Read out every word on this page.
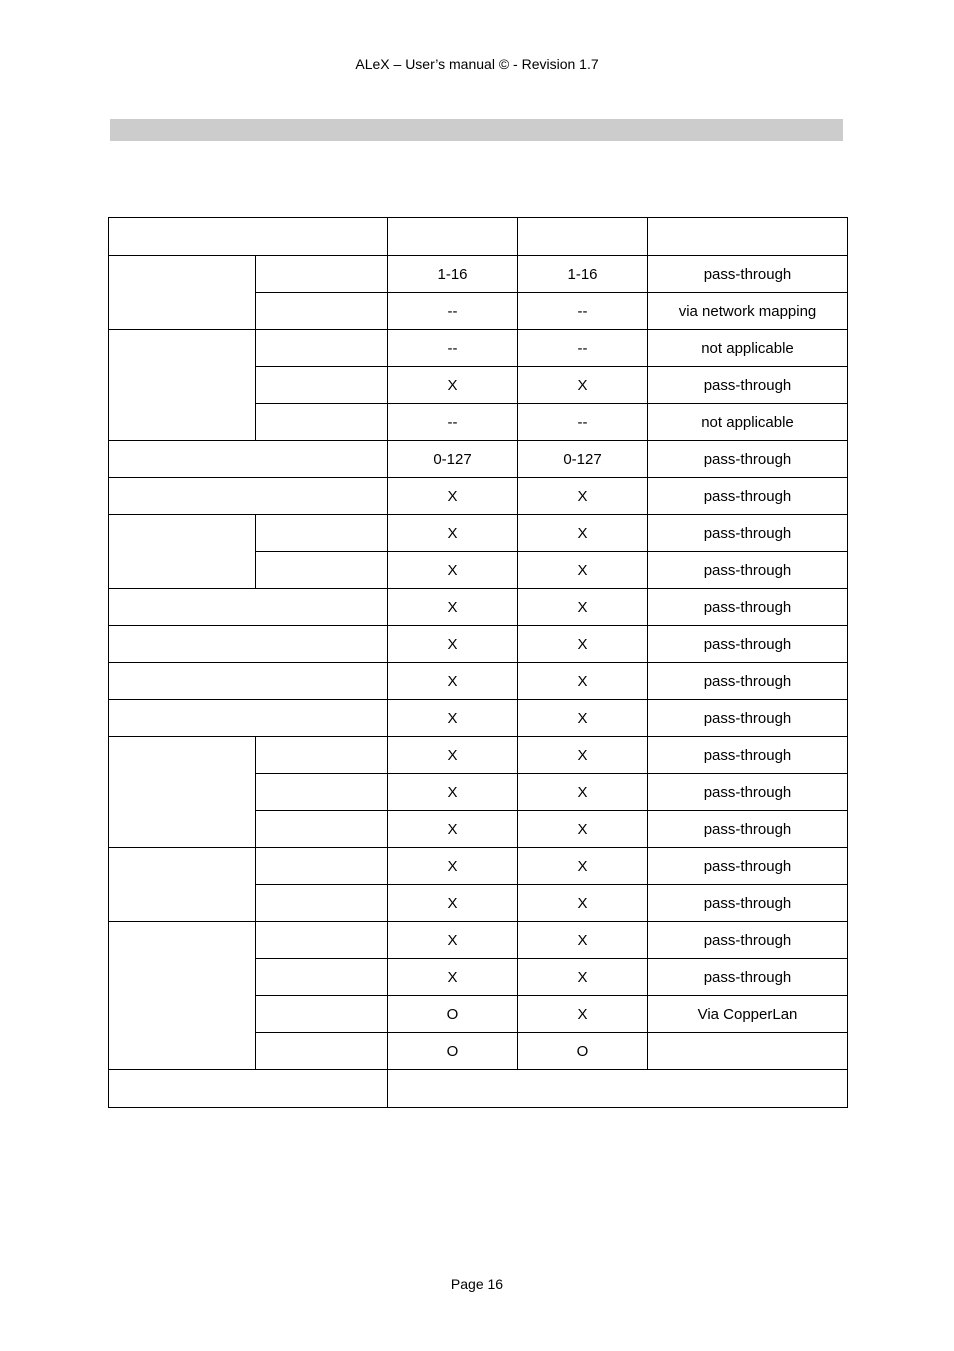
ALeX – User’s manual © - Revision 1.7

		1-16	1-16	pass-through
		--	--	via network mapping
		--	--	not applicable
		X	X	pass-through
		--	--	not applicable
		0-127	0-127	pass-through
		X	X	pass-through
		X	X	pass-through
		X	X	pass-through
		X	X	pass-through
		X	X	pass-through
		X	X	pass-through
		X	X	pass-through
		X	X	pass-through
		X	X	pass-through
		X	X	pass-through
		X	X	pass-through
		X	X	pass-through
		X	X	pass-through
		X	X	pass-through
		O	X	Via CopperLan
		O	O	

Page 16
